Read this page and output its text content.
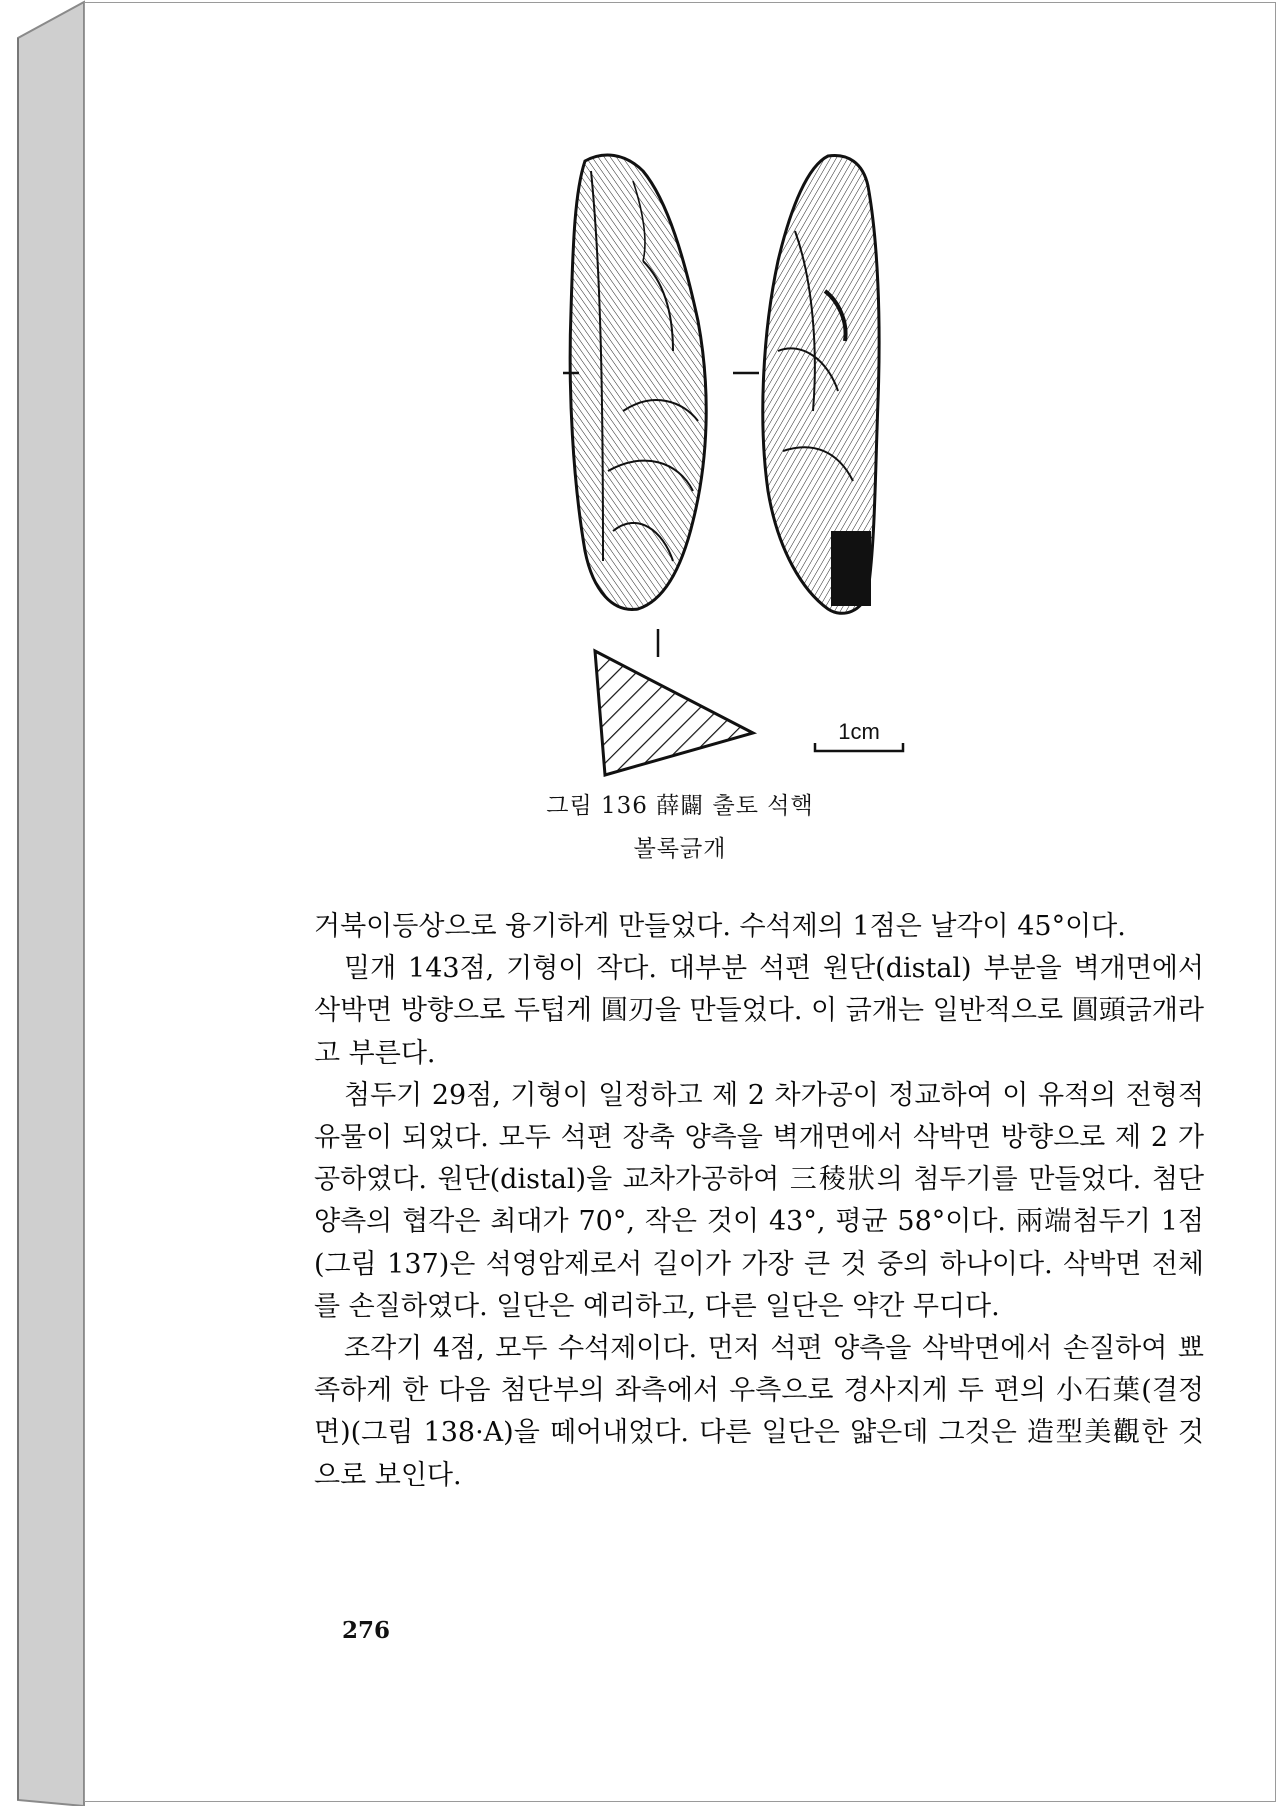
1cm
그림 136 薛闢 출토 석핵
볼록긁개

거북이등상으로 융기하게 만들었다. 수석제의 1점은 날각이 45°이다.

밀개 143점, 기형이 작다. 대부분 석편 원단(distal) 부분을 벽개면에서 삭박면 방향으로 두텁게 圓刃을 만들었다. 이 긁개는 일반적으로 圓頭긁개라고 부른다.

첨두기 29점, 기형이 일정하고 제 2 차가공이 정교하여 이 유적의 전형적 유물이 되었다. 모두 석편 장축 양측을 벽개면에서 삭박면 방향으로 제 2 가공하였다. 원단(distal)을 교차가공하여 三稜狀의 첨두기를 만들었다. 첨단 양측의 협각은 최대가 70°, 작은 것이 43°, 평균 58°이다. 兩端첨두기 1점(그림 137)은 석영암제로서 길이가 가장 큰 것 중의 하나이다. 삭박면 전체를 손질하였다. 일단은 예리하고, 다른 일단은 약간 무디다.

조각기 4점, 모두 수석제이다. 먼저 석편 양측을 삭박면에서 손질하여 뾰족하게 한 다음 첨단부의 좌측에서 우측으로 경사지게 두 편의 小石葉(결정면)(그림 138·A)을 떼어내었다. 다른 일단은 얇은데 그것은 造型美觀한 것으로 보인다.

276
